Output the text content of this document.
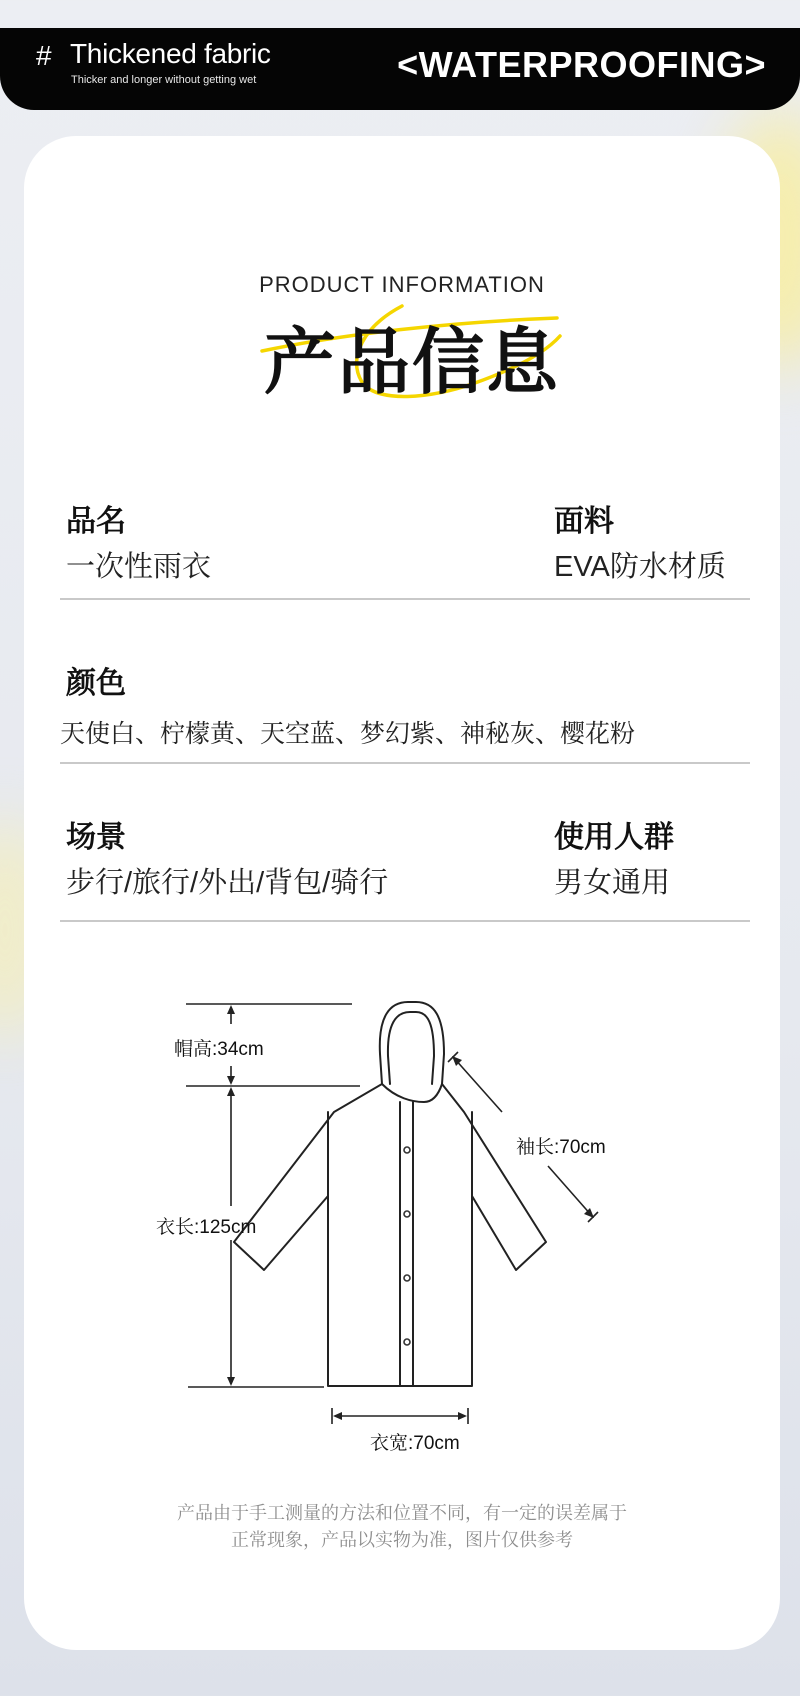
# Thickened fabric
Thicker and longer without getting wet	<WATERPROOFING>
PRODUCT INFORMATION
产品信息
品名
一次性雨衣
面料
EVA防水材质
颜色
天使白、柠檬黄、天空蓝、梦幻紫、神秘灰、樱花粉
场景
步行/旅行/外出/背包/骑行
使用人群
男女通用
帽高:34cm
衣长:125cm
袖长:70cm
衣宽:70cm
产品由于手工测量的方法和位置不同，有一定的误差属于
正常现象，产品以实物为准，图片仅供参考
